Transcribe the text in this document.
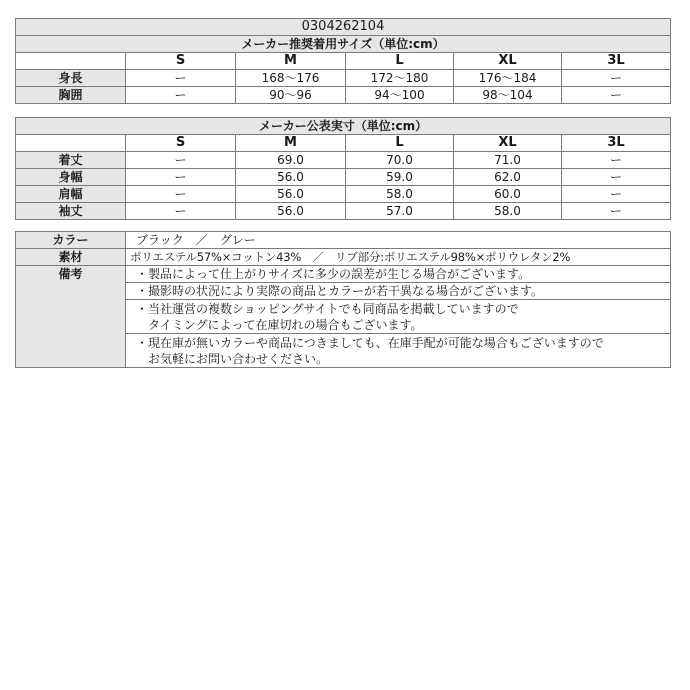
0304262104					
メーカー推奨着用サイズ（単位:cm）					
	S	M	L	XL	3L
身長	ー	168〜176	172〜180	176〜184	ー
胸囲	ー	90〜96	94〜100	98〜104	ー
メーカー公表実寸（単位:cm）					
	S	M	L	XL	3L
着丈	ー	69.0	70.0	71.0	ー
身幅	ー	56.0	59.0	62.0	ー
肩幅	ー	56.0	58.0	60.0	ー
袖丈	ー	56.0	57.0	58.0	ー
カラー	ブラック　／　グレー
素材	ポリエステル57%×コットン43%　／　リブ部分:ポリエステル98%×ポリウレタン2%
備考	・製品によって仕上がりサイズに多少の誤差が生じる場合がございます。
	・撮影時の状況により実際の商品とカラーが若干異なる場合がございます。

	・当社運営の複数ショッピングサイトでも同商品を掲載していますので
　タイミングによって在庫切れの場合もございます。

	・現在庫が無いカラーや商品につきましても、在庫手配が可能な場合もございますので
　お気軽にお問い合わせください。
